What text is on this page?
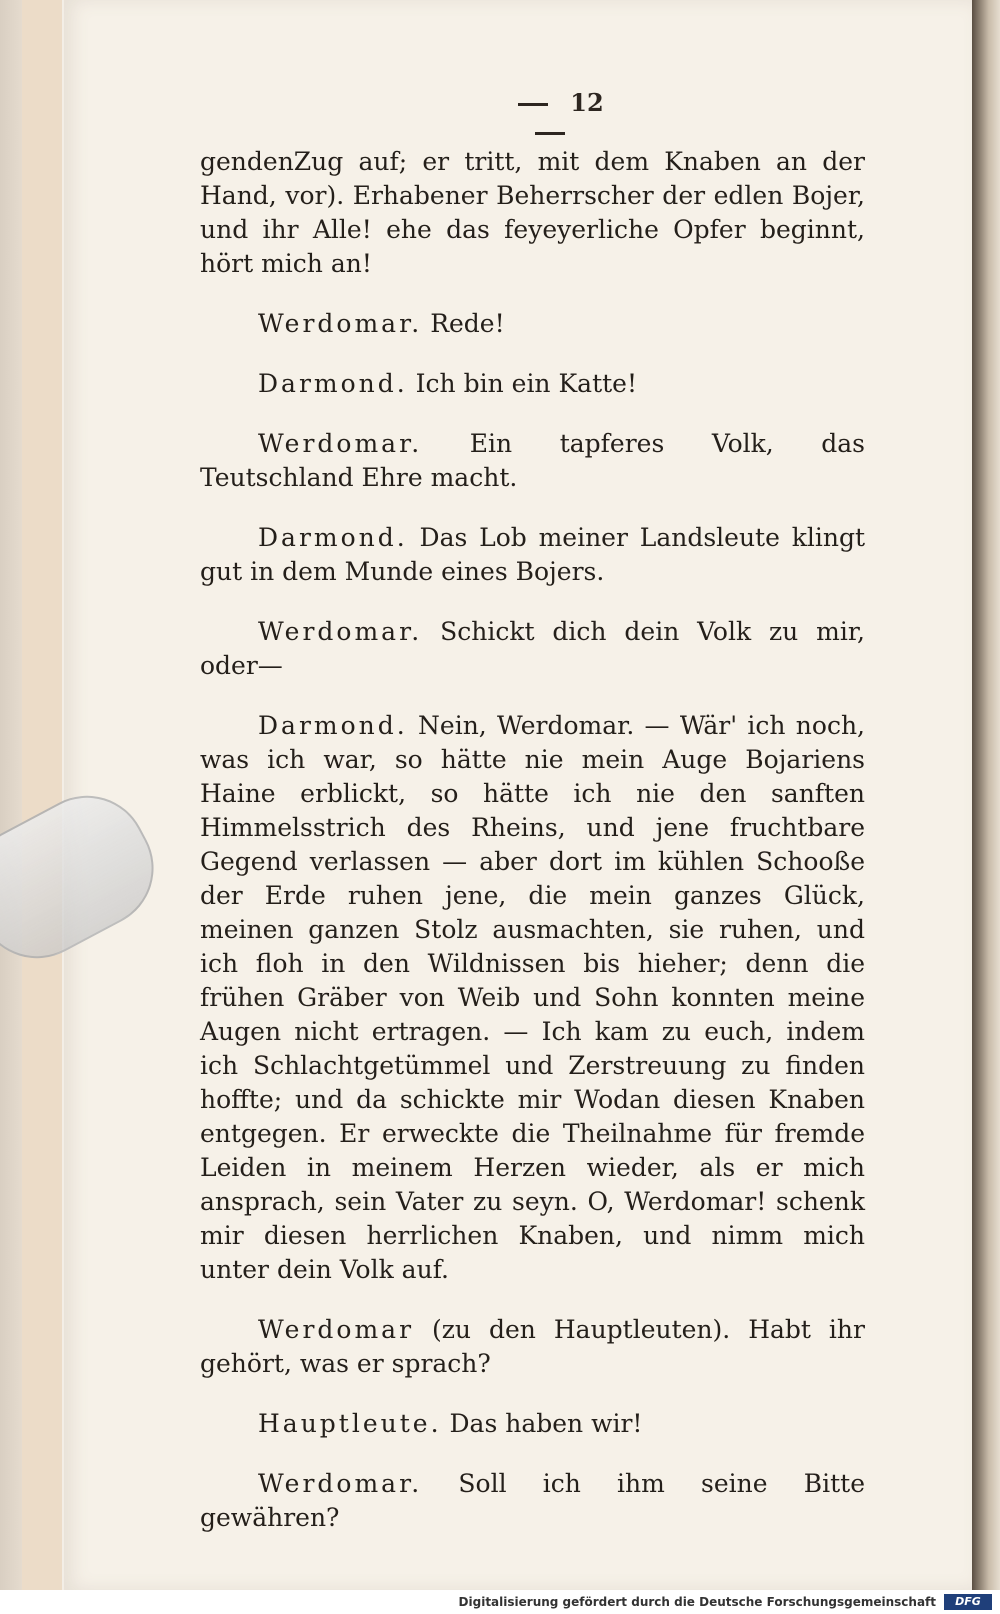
12

gendenZug auf; er tritt, mit dem Knaben an der Hand, vor). Erhabener Beherrscher der edlen Bojer, und ihr Alle! ehe das feyeyerliche Opfer beginnt, hört mich an!

Werdomar. Rede!

Darmond. Ich bin ein Katte!

Werdomar. Ein tapferes Volk, das Teutschland Ehre macht.

Darmond. Das Lob meiner Landsleute klingt gut in dem Munde eines Bojers.

Werdomar. Schickt dich dein Volk zu mir, oder—

Darmond. Nein, Werdomar. — Wär' ich noch, was ich war, so hätte nie mein Auge Bojariens Haine erblickt, so hätte ich nie den sanften Himmelsstrich des Rheins, und jene fruchtbare Gegend verlassen — aber dort im kühlen Schooße der Erde ruhen jene, die mein ganzes Glück, meinen ganzen Stolz ausmachten, sie ruhen, und ich floh in den Wildnissen bis hieher; denn die frühen Gräber von Weib und Sohn konnten meine Augen nicht ertragen. — Ich kam zu euch, indem ich Schlachtgetümmel und Zerstreuung zu finden hoffte; und da schickte mir Wodan diesen Knaben entgegen. Er erweckte die Theilnahme für fremde Leiden in meinem Herzen wieder, als er mich ansprach, sein Vater zu seyn. O, Werdomar! schenk mir diesen herrlichen Knaben, und nimm mich unter dein Volk auf.

Werdomar (zu den Hauptleuten). Habt ihr gehört, was er sprach?

Hauptleute. Das haben wir!

Werdomar. Soll ich ihm seine Bitte gewähren?

Digitalisierung gefördert durch die Deutsche Forschungsgemeinschaft	DFG
